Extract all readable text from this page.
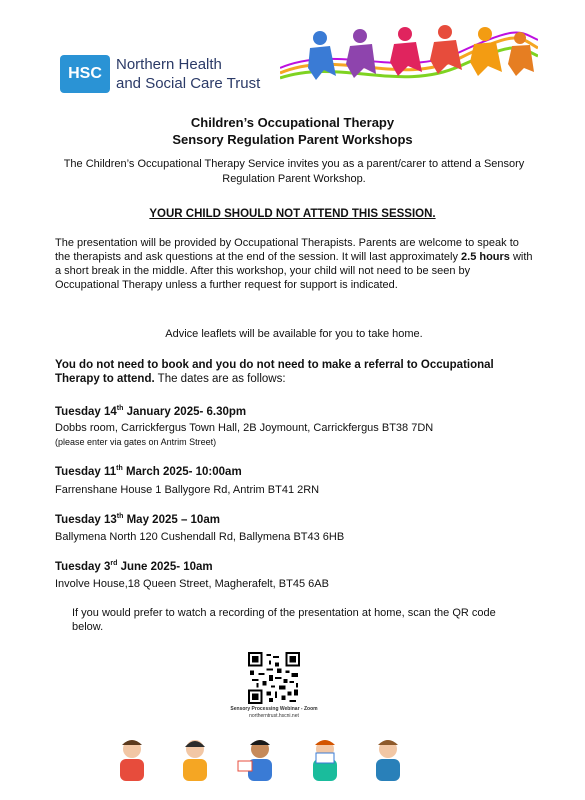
HSC
Northern Health
and Social Care Trust
Children’s Occupational Therapy
Sensory Regulation Parent Workshops
The Children’s Occupational Therapy Service invites you as a parent/carer to attend a Sensory Regulation Parent Workshop.
YOUR CHILD SHOULD NOT ATTEND THIS SESSION.
The presentation will be provided by Occupational Therapists. Parents are welcome to speak to the therapists and ask questions at the end of the session. It will last approximately 2.5 hours with a short break in the middle. After this workshop, your child will not need to be seen by Occupational Therapy unless a further request for support is indicated.
Advice leaflets will be available for you to take home.
You do not need to book and you do not need to make a referral to Occupational Therapy to attend. The dates are as follows:
Tuesday 14th January 2025- 6.30pm
Dobbs room, Carrickfergus Town Hall, 2B Joymount, Carrickfergus BT38 7DN
(please enter via gates on Antrim Street)
Tuesday 11th March 2025- 10:00am
Farrenshane House 1 Ballygore Rd, Antrim BT41 2RN
Tuesday 13th May 2025 – 10am
Ballymena North 120 Cushendall Rd, Ballymena BT43 6HB
Tuesday 3rd June 2025- 10am
Involve House,18 Queen Street, Magherafelt, BT45 6AB
If you would prefer to watch a recording of the presentation at home, scan the QR code below.
Sensory Processing Webinar - Zoom
northerntrust.hscni.net
